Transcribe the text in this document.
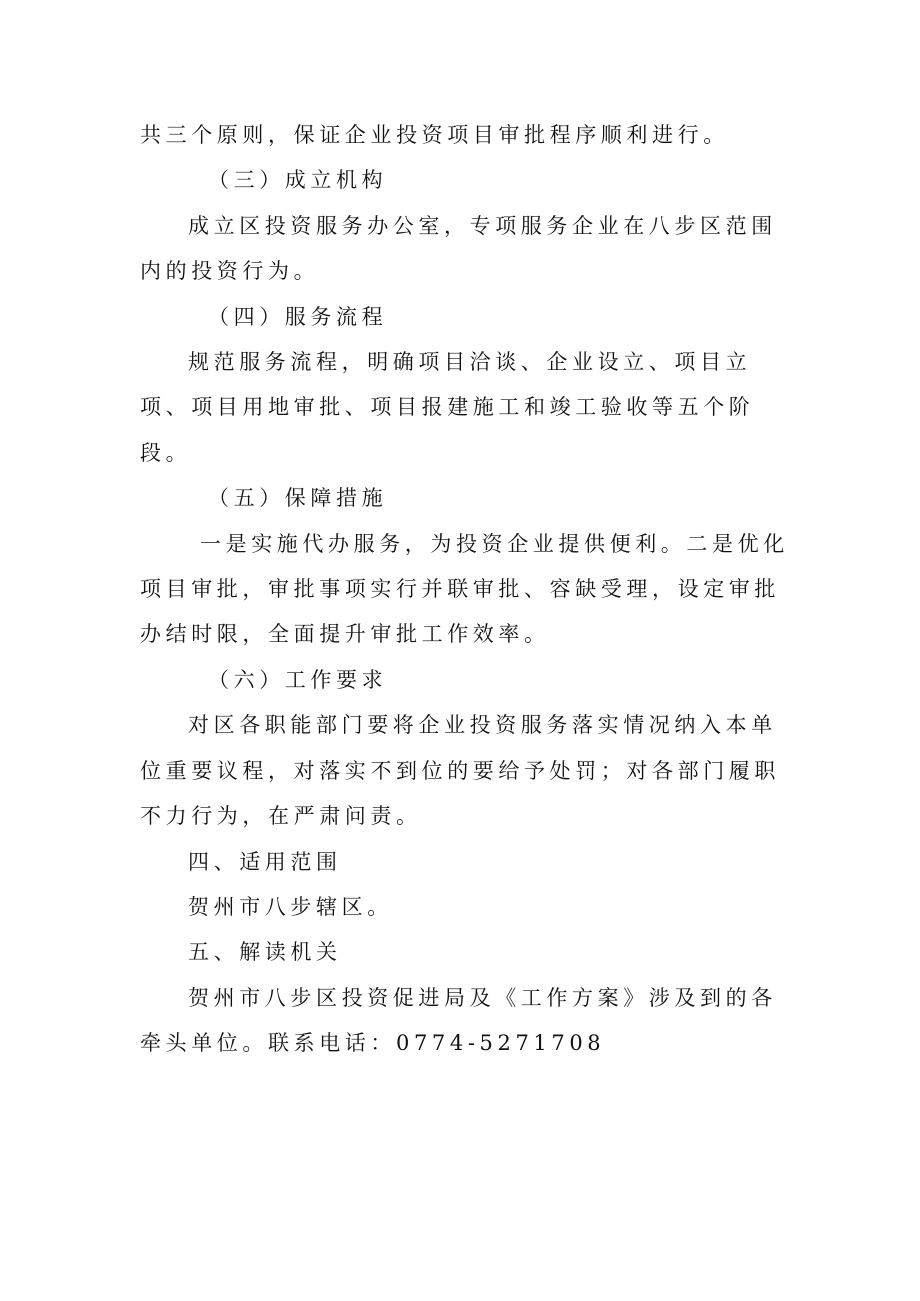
共三个原则，保证企业投资项目审批程序顺利进行。

（三）成立机构

成立区投资服务办公室，专项服务企业在八步区范围内的投资行为。

（四）服务流程

规范服务流程，明确项目洽谈、企业设立、项目立项、项目用地审批、项目报建施工和竣工验收等五个阶段。

（五）保障措施

一是实施代办服务，为投资企业提供便利。二是优化项目审批，审批事项实行并联审批、容缺受理，设定审批办结时限，全面提升审批工作效率。

（六）工作要求

对区各职能部门要将企业投资服务落实情况纳入本单位重要议程，对落实不到位的要给予处罚；对各部门履职不力行为，在严肃问责。

四、适用范围

贺州市八步辖区。

五、解读机关

贺州市八步区投资促进局及《工作方案》涉及到的各牵头单位。联系电话：0774-5271708
